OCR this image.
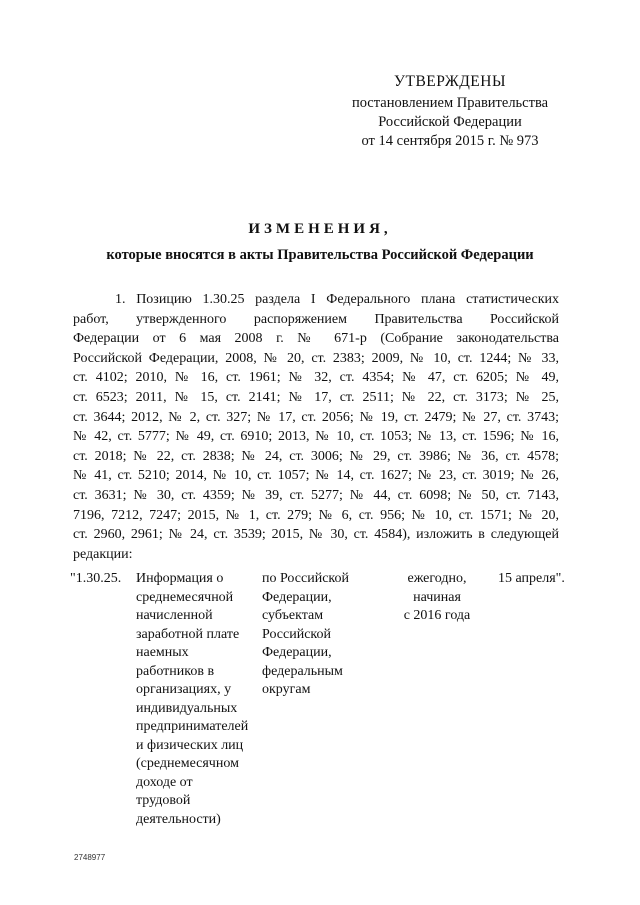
УТВЕРЖДЕНЫ
постановлением Правительства
Российской Федерации
от 14 сентября 2015 г. № 973
ИЗМЕНЕНИЯ,
которые вносятся в акты Правительства Российской Федерации
1. Позицию 1.30.25 раздела I Федерального плана статистических
работ, утвержденного распоряжением Правительства Российской
Федерации от 6 мая 2008 г. № 671-р (Собрание законодательства
Российской Федерации, 2008, № 20, ст. 2383; 2009, № 10, ст. 1244; № 33,
ст. 4102; 2010, № 16, ст. 1961; № 32, ст. 4354; № 47, ст. 6205; № 49,
ст. 6523; 2011, № 15, ст. 2141; № 17, ст. 2511; № 22, ст. 3173; № 25,
ст. 3644; 2012, № 2, ст. 327; № 17, ст. 2056; № 19, ст. 2479; № 27, ст. 3743;
№ 42, ст. 5777; № 49, ст. 6910; 2013, № 10, ст. 1053; № 13, ст. 1596; № 16,
ст. 2018; № 22, ст. 2838; № 24, ст. 3006; № 29, ст. 3986; № 36, ст. 4578;
№ 41, ст. 5210; 2014, № 10, ст. 1057; № 14, ст. 1627; № 23, ст. 3019; № 26,
ст. 3631; № 30, ст. 4359; № 39, ст. 5277; № 44, ст. 6098; № 50, ст. 7143,
7196, 7212, 7247; 2015, № 1, ст. 279; № 6, ст. 956; № 10, ст. 1571; № 20,
ст. 2960, 2961; № 24, ст. 3539; 2015, № 30, ст. 4584), изложить в следующей
редакции:
"1.30.25.	Информация о
среднемесячной
начисленной
заработной плате
наемных
работников в
организациях, у
индивидуальных
предпринимателей
и физических лиц
(среднемесячном
доходе от
трудовой
деятельности)
по Российской
Федерации,
субъектам
Российской
Федерации,
федеральным
округам
ежегодно,
начиная
с 2016 года
15 апреля".
2748977
